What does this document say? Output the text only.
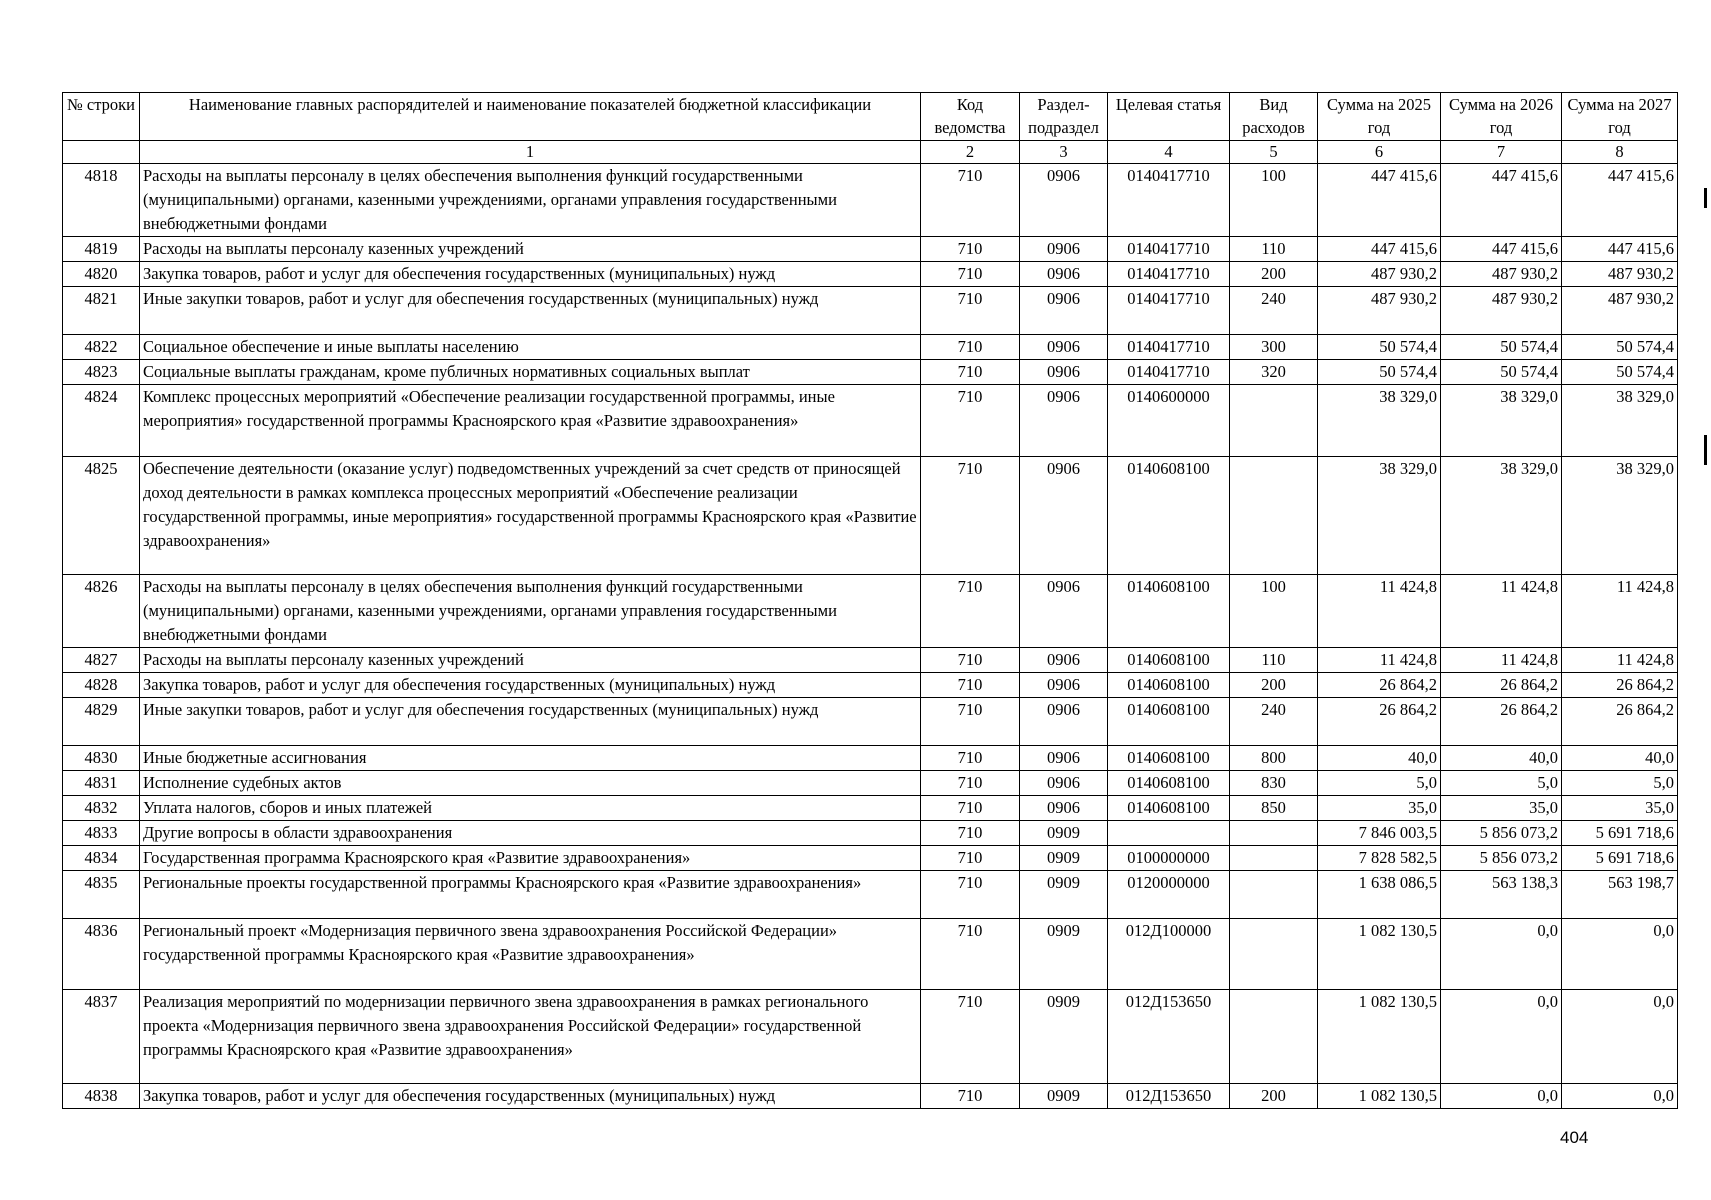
№ строки	Наименование главных распорядителей и наименование показателей бюджетной классификации	Код ведомства	Раздел-подраздел	Целевая статья	Вид расходов	Сумма на 2025 год	Сумма на 2026 год	Сумма на 2027 год
	1	2	3	4	5	6	7	8
4818	Расходы на выплаты персоналу в целях обеспечения выполнения функций государственными (муниципальными) органами, казенными учреждениями, органами управления государственными внебюджетными фондами	710	0906	0140417710	100	447 415,6	447 415,6	447 415,6
4819	Расходы на выплаты персоналу казенных учреждений	710	0906	0140417710	110	447 415,6	447 415,6	447 415,6
4820	Закупка товаров, работ и услуг для обеспечения государственных (муниципальных) нужд	710	0906	0140417710	200	487 930,2	487 930,2	487 930,2
4821	Иные закупки товаров, работ и услуг для обеспечения государственных (муниципальных) нужд	710	0906	0140417710	240	487 930,2	487 930,2	487 930,2
4822	Социальное обеспечение и иные выплаты населению	710	0906	0140417710	300	50 574,4	50 574,4	50 574,4
4823	Социальные выплаты гражданам, кроме публичных нормативных социальных выплат	710	0906	0140417710	320	50 574,4	50 574,4	50 574,4
4824	Комплекс процессных мероприятий «Обеспечение реализации государственной программы, иные мероприятия» государственной программы Красноярского края «Развитие здравоохранения»	710	0906	0140600000		38 329,0	38 329,0	38 329,0
4825	Обеспечение деятельности (оказание услуг) подведомственных учреждений за счет средств от приносящей доход деятельности в рамках комплекса процессных мероприятий «Обеспечение реализации государственной программы, иные мероприятия» государственной программы Красноярского края «Развитие здравоохранения»	710	0906	0140608100		38 329,0	38 329,0	38 329,0
4826	Расходы на выплаты персоналу в целях обеспечения выполнения функций государственными (муниципальными) органами, казенными учреждениями, органами управления государственными внебюджетными фондами	710	0906	0140608100	100	11 424,8	11 424,8	11 424,8
4827	Расходы на выплаты персоналу казенных учреждений	710	0906	0140608100	110	11 424,8	11 424,8	11 424,8
4828	Закупка товаров, работ и услуг для обеспечения государственных (муниципальных) нужд	710	0906	0140608100	200	26 864,2	26 864,2	26 864,2
4829	Иные закупки товаров, работ и услуг для обеспечения государственных (муниципальных) нужд	710	0906	0140608100	240	26 864,2	26 864,2	26 864,2
4830	Иные бюджетные ассигнования	710	0906	0140608100	800	40,0	40,0	40,0
4831	Исполнение судебных актов	710	0906	0140608100	830	5,0	5,0	5,0
4832	Уплата налогов, сборов и иных платежей	710	0906	0140608100	850	35,0	35,0	35,0
4833	Другие вопросы в области здравоохранения	710	0909			7 846 003,5	5 856 073,2	5 691 718,6
4834	Государственная программа Красноярского края «Развитие здравоохранения»	710	0909	0100000000		7 828 582,5	5 856 073,2	5 691 718,6
4835	Региональные проекты государственной программы Красноярского края «Развитие здравоохранения»	710	0909	0120000000		1 638 086,5	563 138,3	563 198,7
4836	Региональный проект «Модернизация первичного звена здравоохранения Российской Федерации» государственной программы Красноярского края «Развитие здравоохранения»	710	0909	012Д100000		1 082 130,5	0,0	0,0
4837	Реализация мероприятий по модернизации первичного звена здравоохранения в рамках регионального проекта «Модернизация первичного звена здравоохранения Российской Федерации» государственной программы Красноярского края «Развитие здравоохранения»	710	0909	012Д153650		1 082 130,5	0,0	0,0
4838	Закупка товаров, работ и услуг для обеспечения государственных (муниципальных) нужд	710	0909	012Д153650	200	1 082 130,5	0,0	0,0
404
